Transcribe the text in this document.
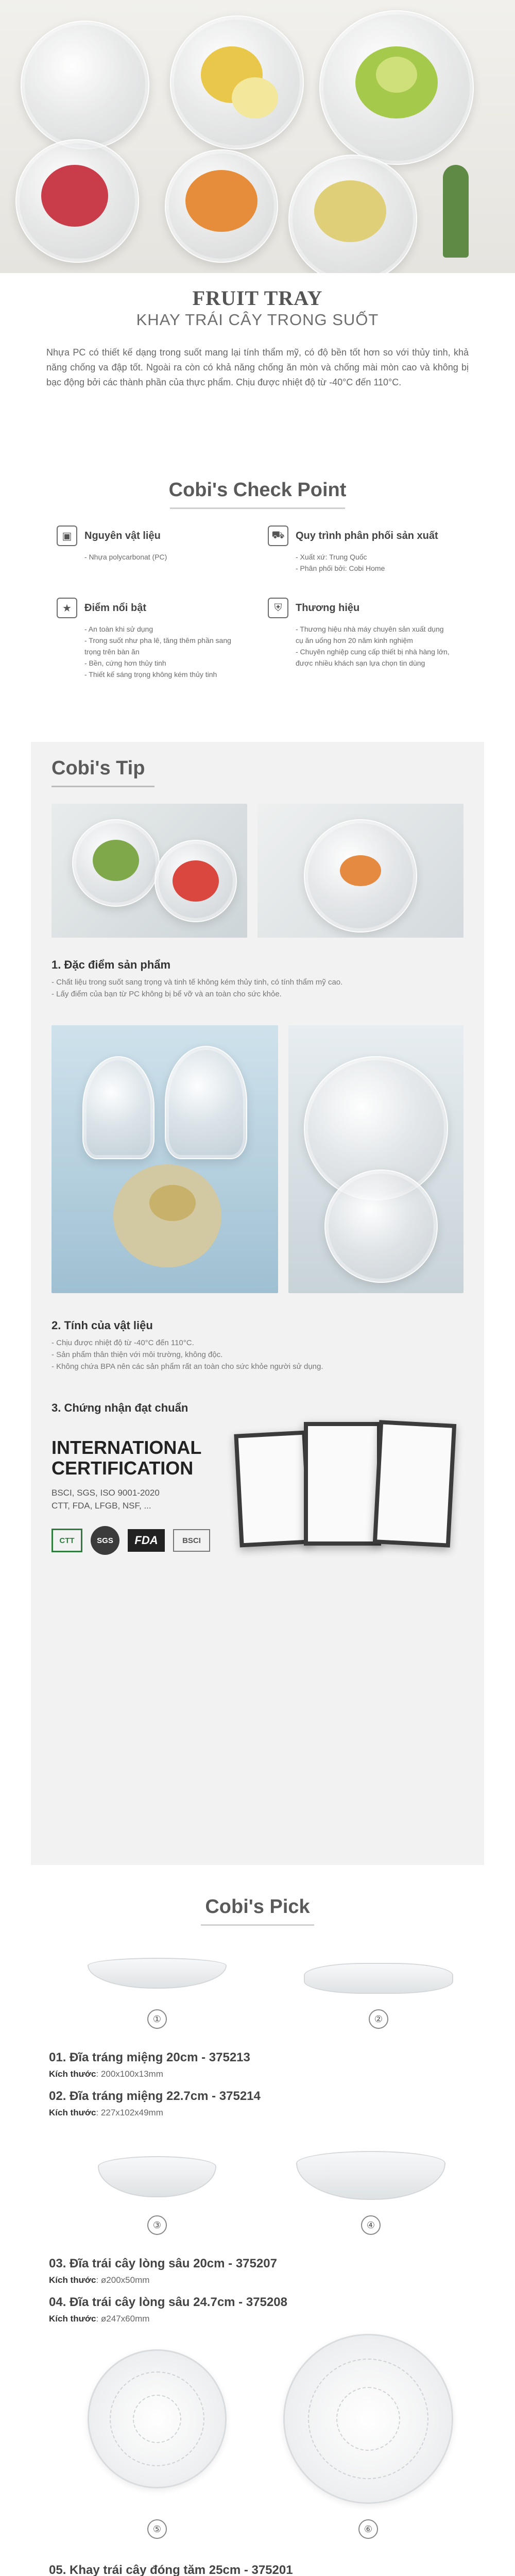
FRUIT TRAY
KHAY TRÁI CÂY TRONG SUỐT
Nhựa PC có thiết kế dạng trong suốt mang lại tính thẩm mỹ, có độ bền tốt hơn so với thủy tinh, khả năng chống va đập tốt. Ngoài ra còn có khả năng chống ăn mòn và chống mài mòn cao và không bị bạc động bởi các thành phần của thực phẩm. Chịu được nhiệt độ từ -40°C đến 110°C.
Cobi's Check Point
▣	Nguyên vật liệu
- Nhựa polycarbonat (PC)
⛟	Quy trình phân phối sản xuất
- Xuất xứ: Trung Quốc
- Phân phối bởi: Cobi Home
★	Điểm nổi bật
- An toàn khi sử dụng
- Trong suốt như pha lê, tăng thêm phần sang trọng trên bàn ăn
- Bền, cứng hơn thủy tinh
- Thiết kế sáng trọng không kém thủy tinh
⛨	Thương hiệu
- Thương hiệu nhà máy chuyên sản xuất dụng cụ ăn uống hơn 20 năm kinh nghiệm
- Chuyên nghiệp cung cấp thiết bị nhà hàng lớn, được nhiều khách sạn lựa chọn tin dùng
Cobi's Tip
1. Đặc điểm sản phẩm
- Chất liệu trong suốt sang trọng và tinh tế không kém thủy tinh, có tính thẩm mỹ cao.
- Lấy điểm của bạn từ PC không bị bể vỡ và an toàn cho sức khỏe.
2. Tính của vật liệu
- Chịu được nhiệt độ từ -40°C đến 110°C.
- Sản phẩm thân thiện với môi trường, không độc.
- Không chứa BPA nên các sản phẩm rất an toàn cho sức khỏe người sử dụng.
3. Chứng nhận đạt chuẩn
INTERNATIONAL
CERTIFICATION
BSCI, SGS, ISO 9001-2020
CTT, FDA, LFGB, NSF, ...
CTT	SGS	FDA	BSCI
Cobi's Pick
①	②
01. Đĩa tráng miệng 20cm - 375213
Kích thước: 200x100x13mm
02. Đĩa tráng miệng 22.7cm - 375214
Kích thước: 227x102x49mm
③	④
03. Đĩa trái cây lòng sâu 20cm - 375207
Kích thước: ø200x50mm
04. Đĩa trái cây lòng sâu 24.7cm - 375208
Kích thước: ø247x60mm
⑤	⑥
05. Khay trái cây đóng tăm 25cm - 375201
